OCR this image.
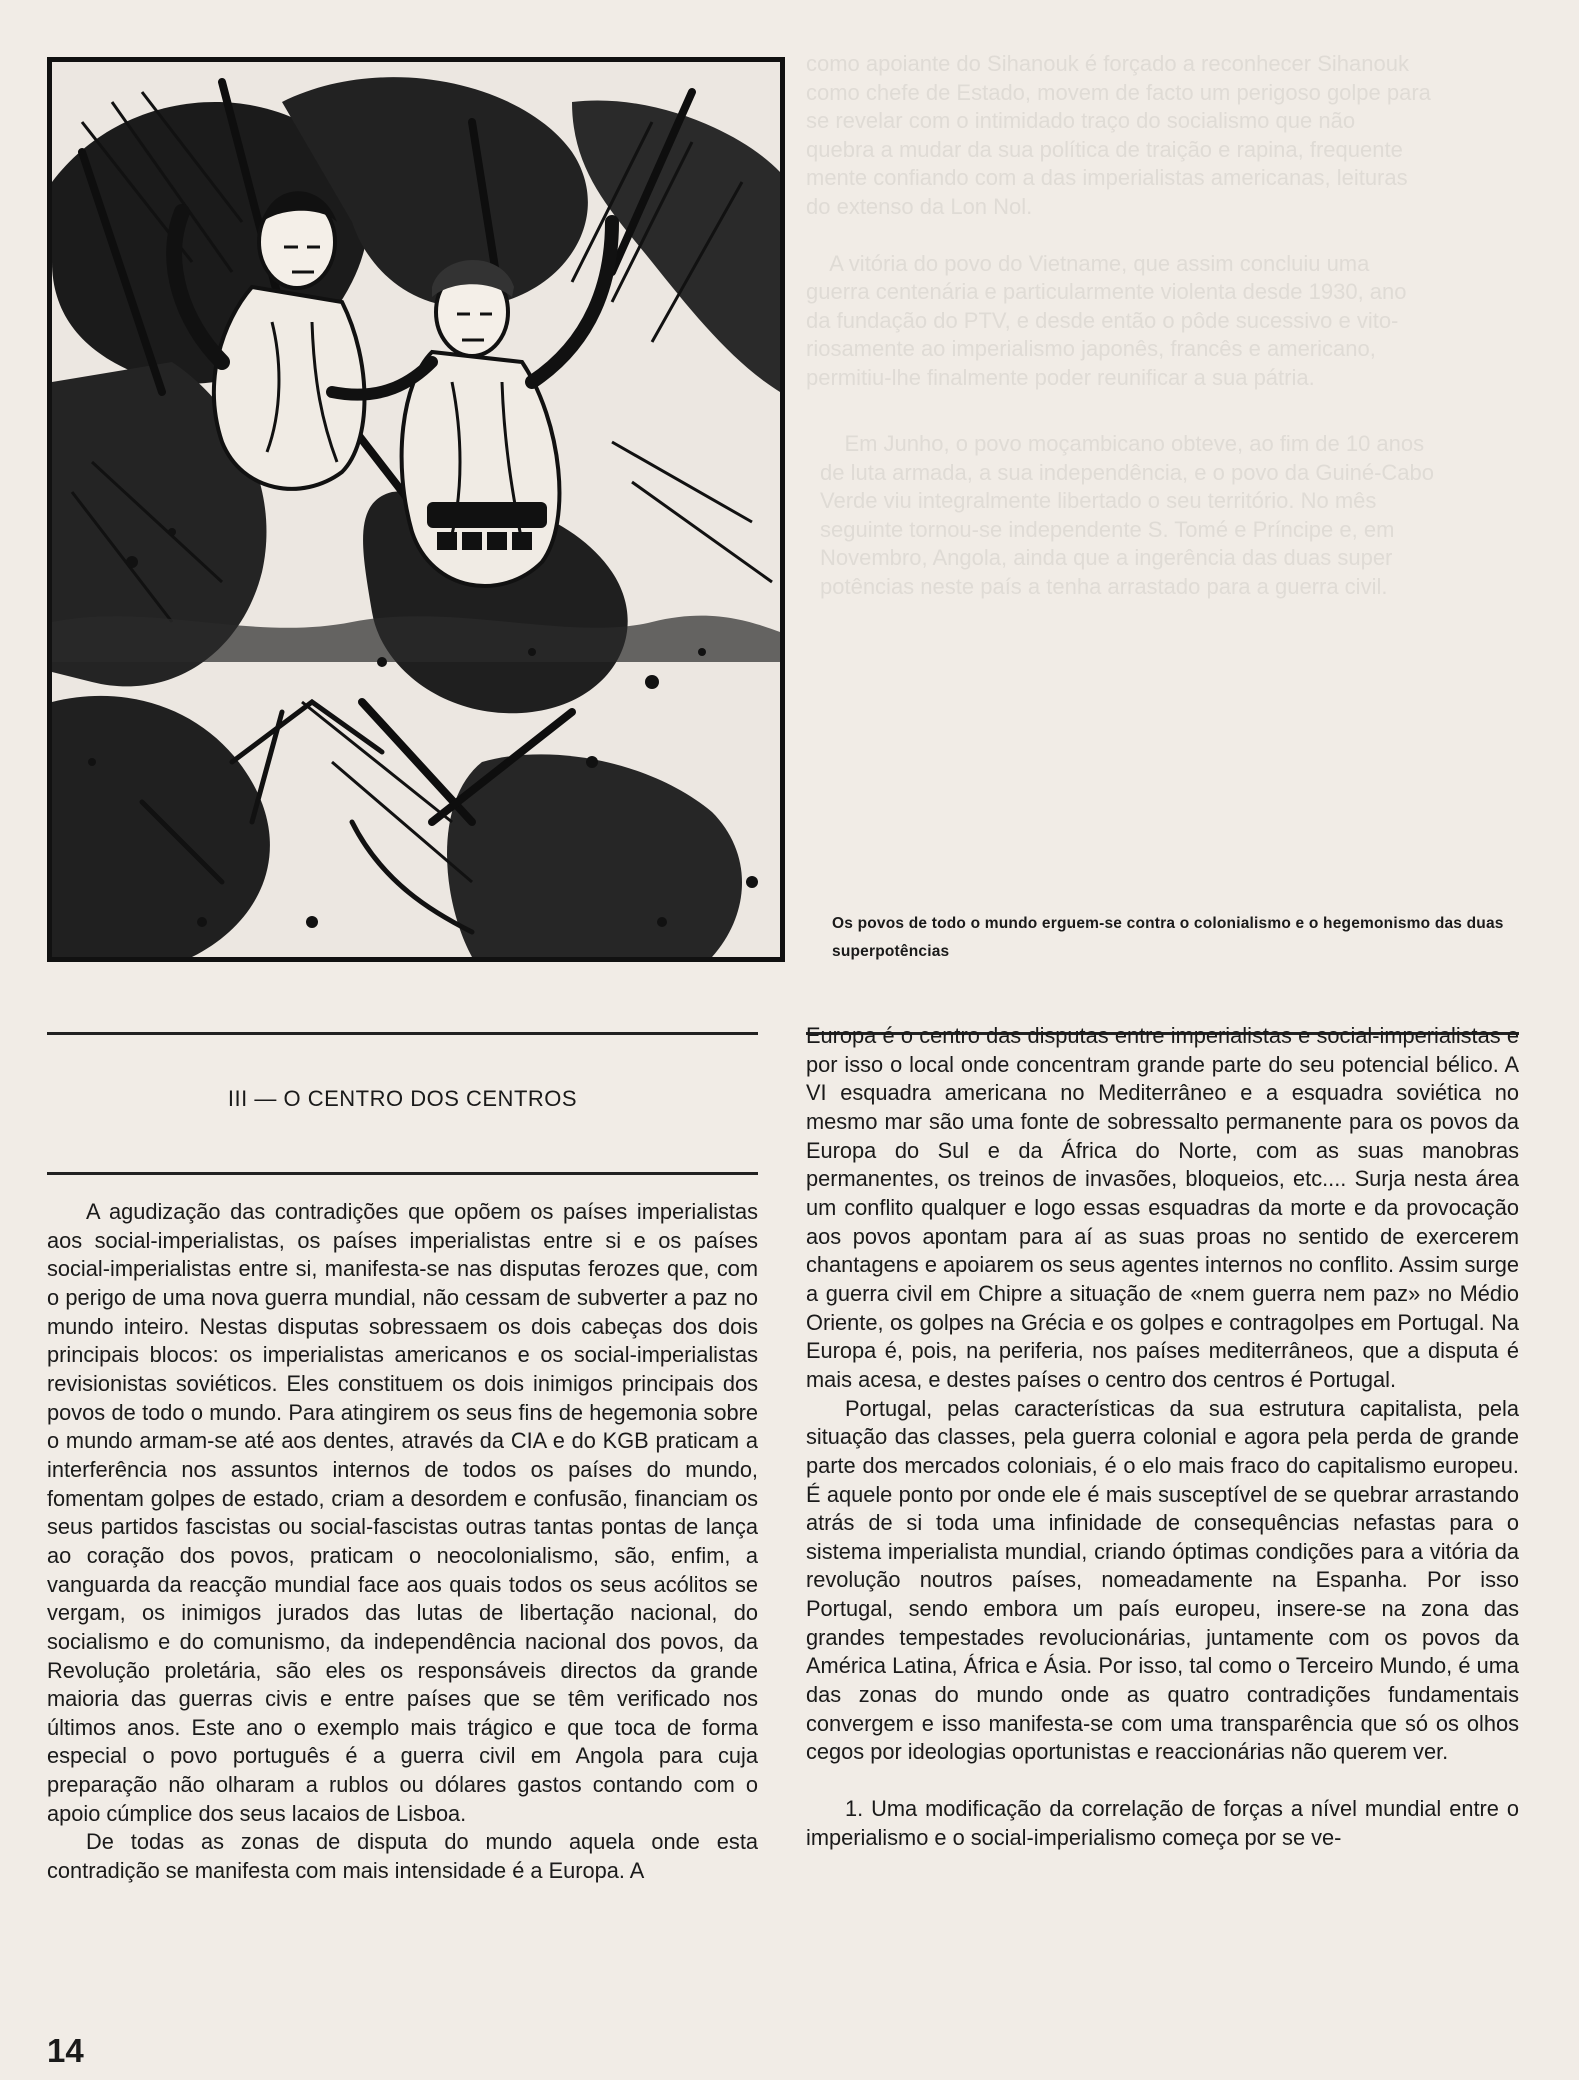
como apoiante do Sihanouk é forçado a reconhecer Sihanouk
como chefe de Estado, movem de facto um perigoso golpe para
se revelar com o intimidado traço do socialismo que não
quebra a mudar da sua política de traição e rapina, frequente
mente confiando com a das imperialistas americanas, leituras
do extenso da Lon Nol.

A vitória do povo do Vietname, que assim concluiu uma
guerra centenária e particularmente violenta desde 1930, ano
da fundação do PTV, e desde então o pôde sucessivo e vito-
riosamente ao imperialismo japonês, francês e americano,
permitiu-lhe finalmente poder reunificar a sua pátria.
Em Junho, o povo moçambicano obteve, ao fim de 10 anos
de luta armada, a sua independência, e o povo da Guiné-Cabo
Verde viu integralmente libertado o seu território. No mês
seguinte tornou-se independente S. Tomé e Príncipe e, em
Novembro, Angola, ainda que a ingerência das duas super
potências neste país a tenha arrastado para a guerra civil.
Os povos de todo o mundo erguem-se contra o colonialismo e o hegemonismo das duas superpotências
III — O CENTRO DOS CENTROS

A agudização das contradições que opõem os países imperialistas aos social-imperialistas, os países imperialistas entre si e os países social-imperialistas entre si, manifesta-se nas disputas ferozes que, com o perigo de uma nova guerra mundial, não cessam de subverter a paz no mundo inteiro. Nestas disputas sobressaem os dois cabeças dos dois principais blocos: os imperialistas americanos e os social-imperialistas revisionistas soviéticos. Eles constituem os dois inimigos principais dos povos de todo o mundo. Para atingirem os seus fins de hegemonia sobre o mundo armam-se até aos dentes, através da CIA e do KGB praticam a interferência nos assuntos internos de todos os países do mundo, fomentam golpes de estado, criam a desordem e confusão, financiam os seus partidos fascistas ou social-fascistas outras tantas pontas de lança ao coração dos povos, praticam o neocolonialismo, são, enfim, a vanguarda da reacção mundial face aos quais todos os seus acólitos se vergam, os inimigos jurados das lutas de libertação nacional, do socialismo e do comunismo, da independência nacional dos povos, da Revolução proletária, são eles os responsáveis directos da grande maioria das guerras civis e entre países que se têm verificado nos últimos anos. Este ano o exemplo mais trágico e que toca de forma especial o povo português é a guerra civil em Angola para cuja preparação não olharam a rublos ou dólares gastos contando com o apoio cúmplice dos seus lacaios de Lisboa.

De todas as zonas de disputa do mundo aquela onde esta contradição se manifesta com mais intensidade é a Europa. A

Europa é o centro das disputas entre imperialistas e social-imperialistas e por isso o local onde concentram grande parte do seu potencial bélico. A VI esquadra americana no Mediterrâneo e a esquadra soviética no mesmo mar são uma fonte de sobressalto permanente para os povos da Europa do Sul e da África do Norte, com as suas manobras permanentes, os treinos de invasões, bloqueios, etc.... Surja nesta área um conflito qualquer e logo essas esquadras da morte e da provocação aos povos apontam para aí as suas proas no sentido de exercerem chantagens e apoiarem os seus agentes internos no conflito. Assim surge a guerra civil em Chipre a situação de «nem guerra nem paz» no Médio Oriente, os golpes na Grécia e os golpes e contragolpes em Portugal. Na Europa é, pois, na periferia, nos países mediterrâneos, que a disputa é mais acesa, e destes países o centro dos centros é Portugal.

Portugal, pelas características da sua estrutura capitalista, pela situação das classes, pela guerra colonial e agora pela perda de grande parte dos mercados coloniais, é o elo mais fraco do capitalismo europeu. É aquele ponto por onde ele é mais susceptível de se quebrar arrastando atrás de si toda uma infinidade de consequências nefastas para o sistema imperialista mundial, criando óptimas condições para a vitória da revolução noutros países, nomeadamente na Espanha. Por isso Portugal, sendo embora um país europeu, insere-se na zona das grandes tempestades revolucionárias, juntamente com os povos da América Latina, África e Ásia. Por isso, tal como o Terceiro Mundo, é uma das zonas do mundo onde as quatro contradições fundamentais convergem e isso manifesta-se com uma transparência que só os olhos cegos por ideologias oportunistas e reaccionárias não querem ver.

1. Uma modificação da correlação de forças a nível mundial entre o imperialismo e o social-imperialismo começa por se ve-

14
